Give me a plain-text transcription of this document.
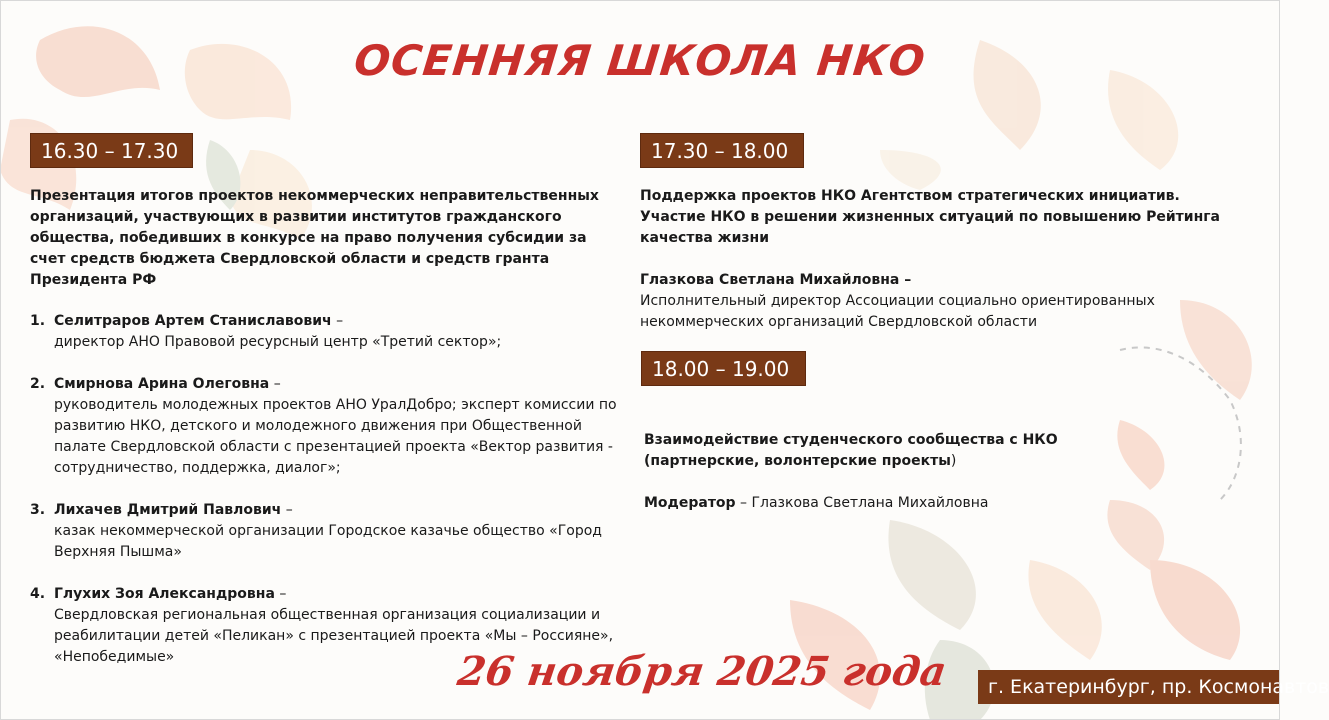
ОСЕННЯЯ ШКОЛА НКО
16.30 – 17.30

Презентация итогов проектов некоммерческих неправительственных организаций, участвующих в развитии институтов гражданского общества, победивших в конкурсе на право получения субсидии за счет средств бюджета Свердловской области и средств гранта Президента РФ

1. Селитраров Артем Станиславович –
директор АНО Правовой ресурсный центр «Третий сектор»;
2. Смирнова Арина Олеговна –
руководитель молодежных проектов АНО УралДобро; эксперт комиссии по развитию НКО, детского и молодежного движения при Общественной палате Свердловской области с презентацией проекта «Вектор развития - сотрудничество, поддержка, диалог»;
3. Лихачев Дмитрий Павлович –
казак некоммерческой организации Городское казачье общество «Город Верхняя Пышма»
4. Глухих Зоя Александровна –
Свердловская региональная общественная организация социализации и реабилитации детей «Пеликан» с презентацией проекта «Мы – Россияне», «Непобедимые»
17.30 – 18.00

Поддержка проектов НКО Агентством стратегических инициатив. Участие НКО в решении жизненных ситуаций по повышению Рейтинга качества жизни

Глазкова Светлана Михайловна –

Исполнительный директор Ассоциации социально ориентированных некоммерческих организаций Свердловской области

18.00 – 19.00

Взаимодействие студенческого сообщества с НКО

(партнерские, волонтерские проекты)

Модератор – Глазкова Светлана Михайловна

26 ноября 2025 года	г. Екатеринбург, пр. Космонавтов
